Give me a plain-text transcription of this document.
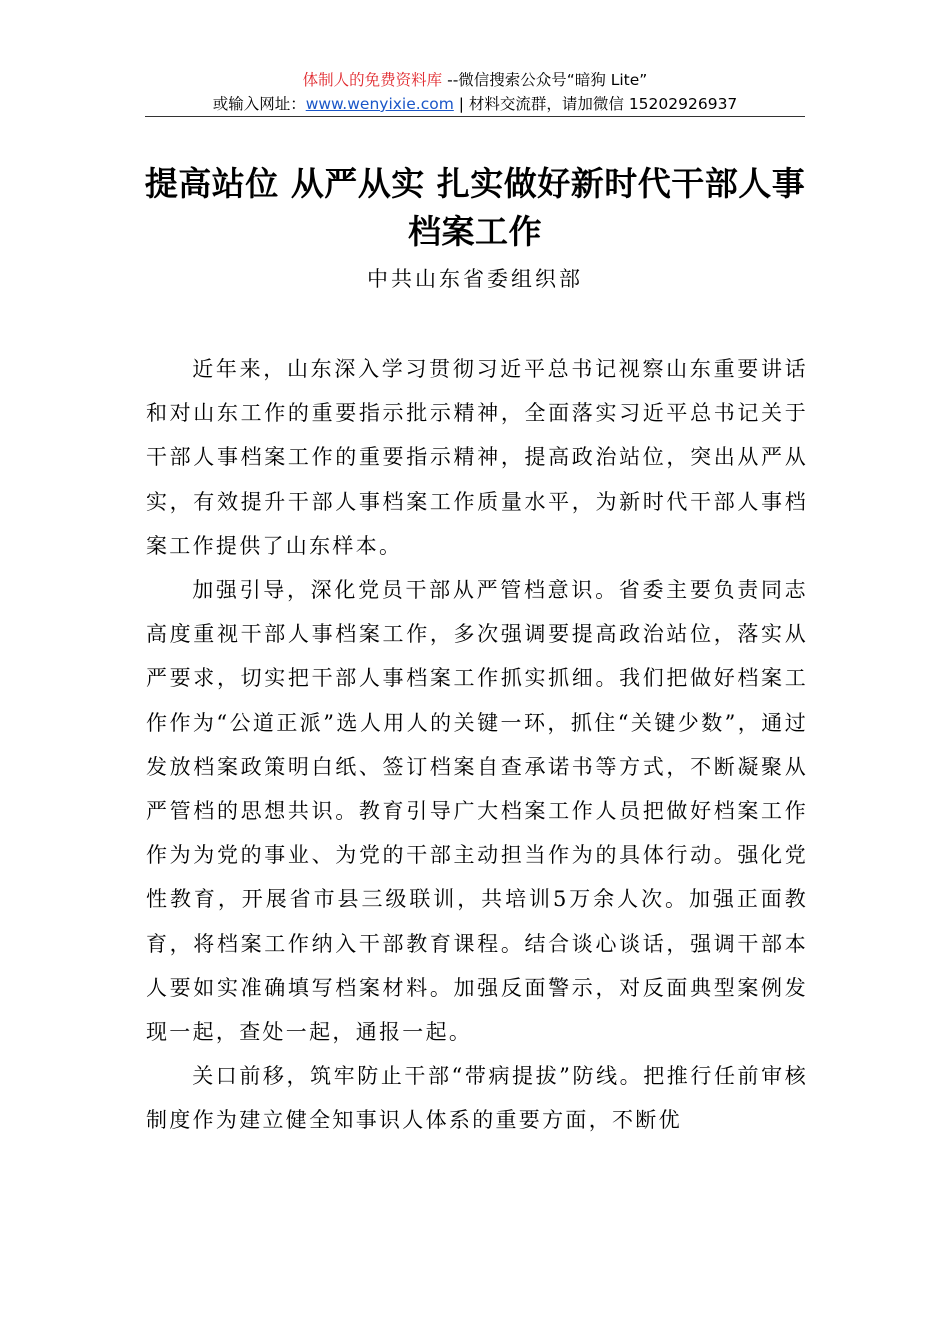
体制人的免费资料库 --微信搜索公众号“暗狗 Lite”
或输入网址：www.wenyixie.com | 材料交流群，请加微信 15202926937
提高站位 从严从实 扎实做好新时代干部人事档案工作
中共山东省委组织部

近年来，山东深入学习贯彻习近平总书记视察山东重要讲话和对山东工作的重要指示批示精神，全面落实习近平总书记关于干部人事档案工作的重要指示精神，提高政治站位，突出从严从实，有效提升干部人事档案工作质量水平，为新时代干部人事档案工作提供了山东样本。

加强引导，深化党员干部从严管档意识。省委主要负责同志高度重视干部人事档案工作，多次强调要提高政治站位，落实从严要求，切实把干部人事档案工作抓实抓细。我们把做好档案工作作为“公道正派”选人用人的关键一环，抓住“关键少数”，通过发放档案政策明白纸、签订档案自查承诺书等方式，不断凝聚从严管档的思想共识。教育引导广大档案工作人员把做好档案工作作为为党的事业、为党的干部主动担当作为的具体行动。强化党性教育，开展省市县三级联训，共培训5万余人次。加强正面教育，将档案工作纳入干部教育课程。结合谈心谈话，强调干部本人要如实准确填写档案材料。加强反面警示，对反面典型案例发现一起，查处一起，通报一起。

关口前移，筑牢防止干部“带病提拔”防线。把推行任前审核制度作为建立健全知事识人体系的重要方面，不断优
